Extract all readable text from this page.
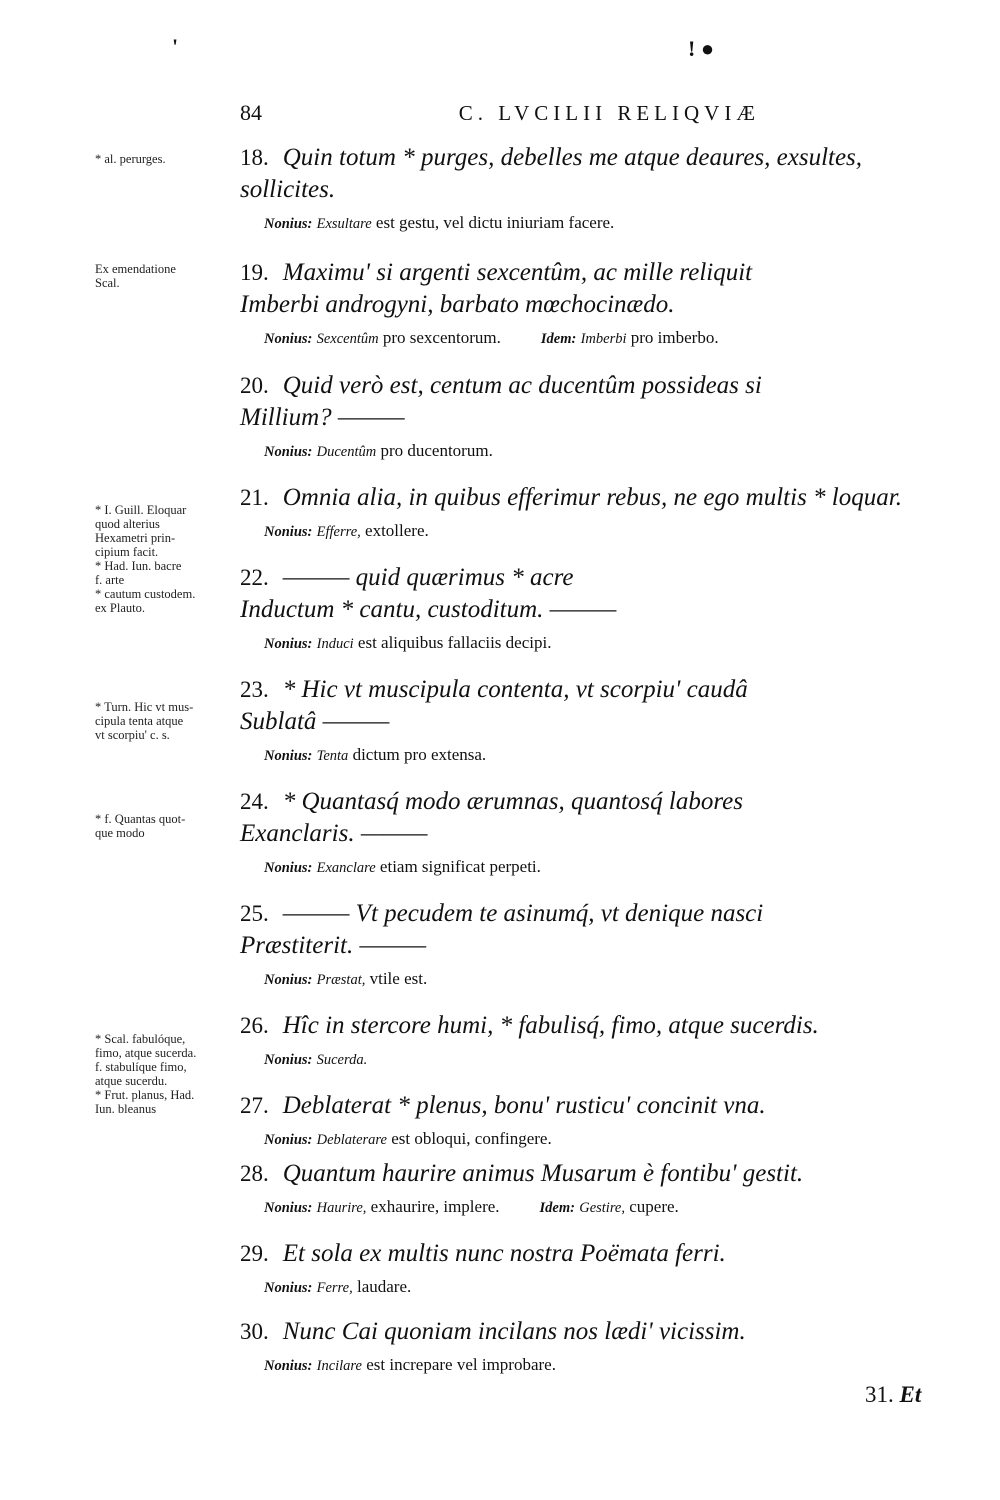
'	! ●
84	C. LVCILII RELIQVIÆ
* al. perurges.
Ex emendatione
Scal.
* I. Guill. Eloquar
quod alterius
Hexametri prin-
cipium facit.
* Had. Iun. bacre
f. arte
* cautum custodem.
ex Plauto.
* Turn. Hic vt mus-
cipula tenta atque
vt scorpiu' c. s.
* f. Quantas quot-
que modo
* Scal. fabulóque,
fimo, atque sucerda.
f. stabulíque fimo,
atque sucerdu.
* Frut. planus, Had.
Iun. bleanus

18. Quin totum * purges, debelles me atque deaures, exsultes,

sollicites.

Nonius: Exsultare est gestu, vel dictu iniuriam facere.

19. Maximu' si argenti sexcentûm, ac mille reliquit

Imberbi androgyni, barbato mœchocinædo.

Nonius: Sexcentûm pro sexcentorum.	Idem: Imberbi pro imberbo.

20. Quid verò est, centum ac ducentûm possideas si

Millium? ———

Nonius: Ducentûm pro ducentorum.

21. Omnia alia, in quibus efferimur rebus, ne ego multis * loquar.

Nonius: Efferre, extollere.

22. ——— quid quærimus * acre

Inductum * cantu, custoditum. ———

Nonius: Induci est aliquibus fallaciis decipi.

23. * Hic vt muscipula contenta, vt scorpiu' caudâ

Sublatâ ———

Nonius: Tenta dictum pro extensa.

24. * Quantasq́ modo ærumnas, quantosq́ labores

Exanclaris. ———

Nonius: Exanclare etiam significat perpeti.

25. ——— Vt pecudem te asinumq́, vt denique nasci

Præstiterit. ———

Nonius: Præstat, vtile est.

26. Hîc in stercore humi, * fabulisq́, fimo, atque sucerdis.

Nonius: Sucerda.

27. Deblaterat * plenus, bonu' rusticu' concinit vna.

Nonius: Deblaterare est obloqui, confingere.

28. Quantum haurire animus Musarum è fontibu' gestit.

Nonius: Haurire, exhaurire, implere.	Idem: Gestire, cupere.

29. Et sola ex multis nunc nostra Poëmata ferri.

Nonius: Ferre, laudare.

30. Nunc Cai quoniam incilans nos lædi' vicissim.

Nonius: Incilare est increpare vel improbare.

31. Et
